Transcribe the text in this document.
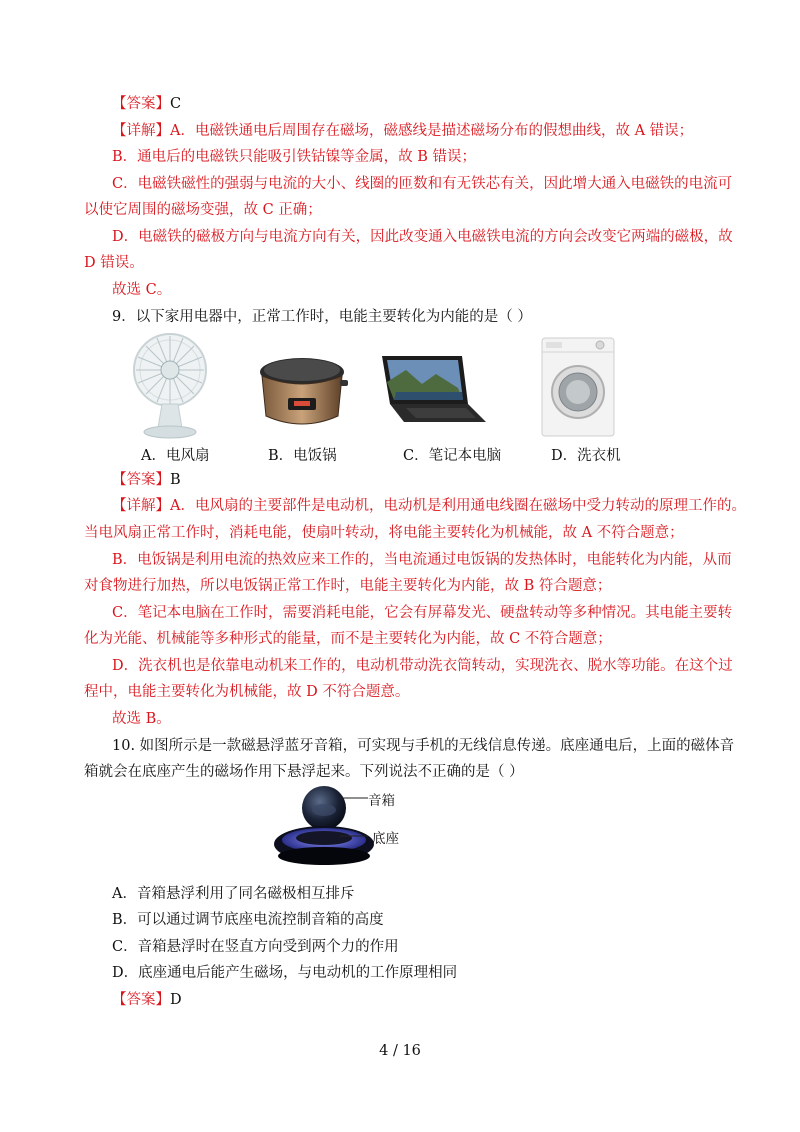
【答案】C
【详解】A．电磁铁通电后周围存在磁场，磁感线是描述磁场分布的假想曲线，故 A 错误；
B．通电后的电磁铁只能吸引铁钴镍等金属，故 B 错误；
C．电磁铁磁性的强弱与电流的大小、线圈的匝数和有无铁芯有关，因此增大通入电磁铁的电流可
以使它周围的磁场变强，故 C 正确；
D．电磁铁的磁极方向与电流方向有关，因此改变通入电磁铁电流的方向会改变它两端的磁极，故
D 错误。
故选 C。
9．以下家用电器中，正常工作时，电能主要转化为内能的是（ ）
A．电风扇	B．电饭锅	C．笔记本电脑	D．洗衣机
【答案】B
【详解】A．电风扇的主要部件是电动机，电动机是利用通电线圈在磁场中受力转动的原理工作的。
当电风扇正常工作时，消耗电能，使扇叶转动，将电能主要转化为机械能，故 A 不符合题意；
B．电饭锅是利用电流的热效应来工作的，当电流通过电饭锅的发热体时，电能转化为内能，从而
对食物进行加热，所以电饭锅正常工作时，电能主要转化为内能，故 B 符合题意；
C．笔记本电脑在工作时，需要消耗电能，它会有屏幕发光、硬盘转动等多种情况。其电能主要转
化为光能、机械能等多种形式的能量，而不是主要转化为内能，故 C 不符合题意；
D．洗衣机也是依靠电动机来工作的，电动机带动洗衣筒转动，实现洗衣、脱水等功能。在这个过
程中，电能主要转化为机械能，故 D 不符合题意。
故选 B。
10. 如图所示是一款磁悬浮蓝牙音箱，可实现与手机的无线信息传递。底座通电后，上面的磁体音
箱就会在底座产生的磁场作用下悬浮起来。下列说法不正确的是（ ）
音箱
底座
A．音箱悬浮利用了同名磁极相互排斥
B．可以通过调节底座电流控制音箱的高度
C．音箱悬浮时在竖直方向受到两个力的作用
D．底座通电后能产生磁场，与电动机的工作原理相同
【答案】D
4 / 16
